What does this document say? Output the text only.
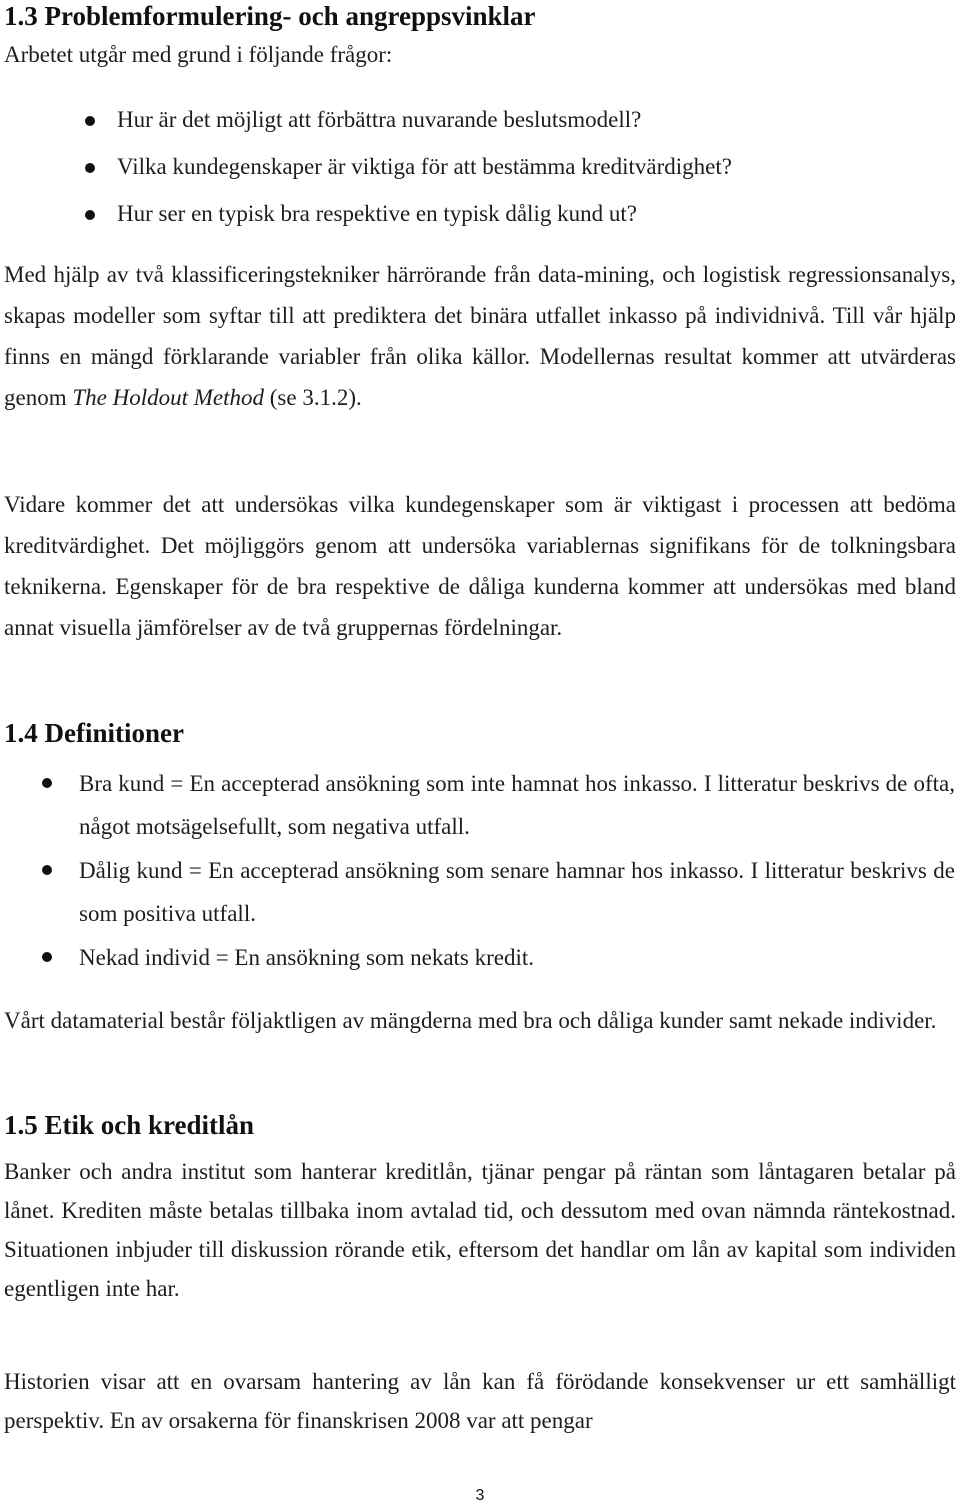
1.3 Problemformulering- och angreppsvinklar

Arbetet utgår med grund i följande frågor:

Hur är det möjligt att förbättra nuvarande beslutsmodell?
Vilka kundegenskaper är viktiga för att bestämma kreditvärdighet?
Hur ser en typisk bra respektive en typisk dålig kund ut?

Med hjälp av två klassificeringstekniker härrörande från data-mining, och logistisk regressionsanalys, skapas modeller som syftar till att prediktera det binära utfallet inkasso på individnivå. Till vår hjälp finns en mängd förklarande variabler från olika källor. Modellernas resultat kommer att utvärderas genom The Holdout Method (se 3.1.2).

Vidare kommer det att undersökas vilka kundegenskaper som är viktigast i processen att bedöma kreditvärdighet. Det möjliggörs genom att undersöka variablernas signifikans för de tolkningsbara teknikerna. Egenskaper för de bra respektive de dåliga kunderna kommer att undersökas med bland annat visuella jämförelser av de två gruppernas fördelningar.

1.4 Definitioner
Bra kund = En accepterad ansökning som inte hamnat hos inkasso. I litteratur beskrivs de ofta, något motsägelsefullt, som negativa utfall.
Dålig kund = En accepterad ansökning som senare hamnar hos inkasso. I litteratur beskrivs de som positiva utfall.
Nekad individ = En ansökning som nekats kredit.

Vårt datamaterial består följaktligen av mängderna med bra och dåliga kunder samt nekade individer.

1.5 Etik och kreditlån

Banker och andra institut som hanterar kreditlån, tjänar pengar på räntan som låntagaren betalar på lånet. Krediten måste betalas tillbaka inom avtalad tid, och dessutom med ovan nämnda räntekostnad. Situationen inbjuder till diskussion rörande etik, eftersom det handlar om lån av kapital som individen egentligen inte har.

Historien visar att en ovarsam hantering av lån kan få förödande konsekvenser ur ett samhälligt perspektiv. En av orsakerna för finanskrisen 2008 var att pengar

3
